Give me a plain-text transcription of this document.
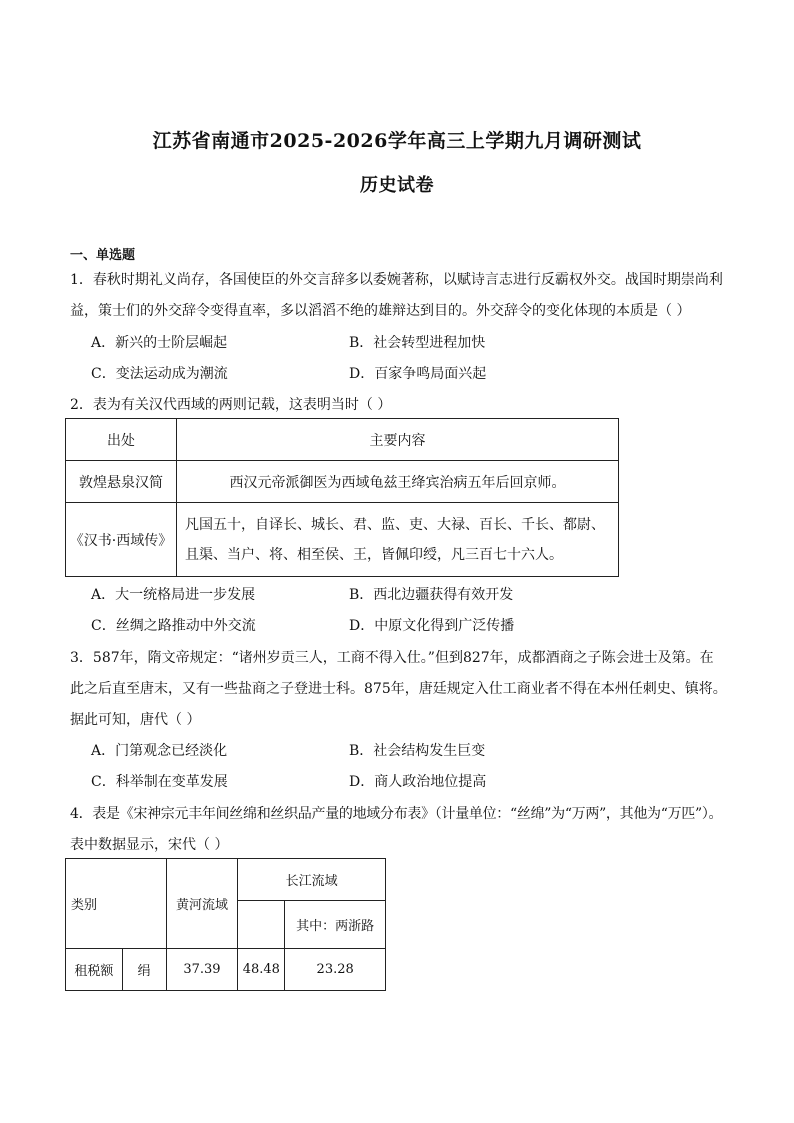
江苏省南通市2025-2026学年高三上学期九月调研测试
历史试卷
一、单选题
1．春秋时期礼义尚存，各国使臣的外交言辞多以委婉著称，以赋诗言志进行反霸权外交。战国时期崇尚利
益，策士们的外交辞令变得直率，多以滔滔不绝的雄辩达到目的。外交辞令的变化体现的本质是（ ）
A．新兴的士阶层崛起	B．社会转型进程加快
C．变法运动成为潮流	D．百家争鸣局面兴起
2．表为有关汉代西域的两则记载，这表明当时（ ）
出处	主要内容
敦煌悬泉汉简	西汉元帝派御医为西域龟兹王绛宾治病五年后回京师。
《汉书·西域传》	凡国五十，自译长、城长、君、监、吏、大禄、百长、千长、都尉、
且渠、当户、将、相至侯、王，皆佩印绶，凡三百七十六人。
A．大一统格局进一步发展	B．西北边疆获得有效开发
C．丝绸之路推动中外交流	D．中原文化得到广泛传播
3．587年，隋文帝规定：“诸州岁贡三人，工商不得入仕。”但到827年，成都酒商之子陈会进士及第。在
此之后直至唐末，又有一些盐商之子登进士科。875年，唐廷规定入仕工商业者不得在本州任刺史、镇将。
据此可知，唐代（ ）
A．门第观念已经淡化	B．社会结构发生巨变
C．科举制在变革发展	D．商人政治地位提高
4．表是《宋神宗元丰年间丝绵和丝织品产量的地域分布表》（计量单位：“丝绵”为“万两”，其他为“万匹”）。
表中数据显示，宋代（ ）
类别		黄河流域	长江流域	
				其中：两浙路
租税额	绢	37.39	48.48	23.28
